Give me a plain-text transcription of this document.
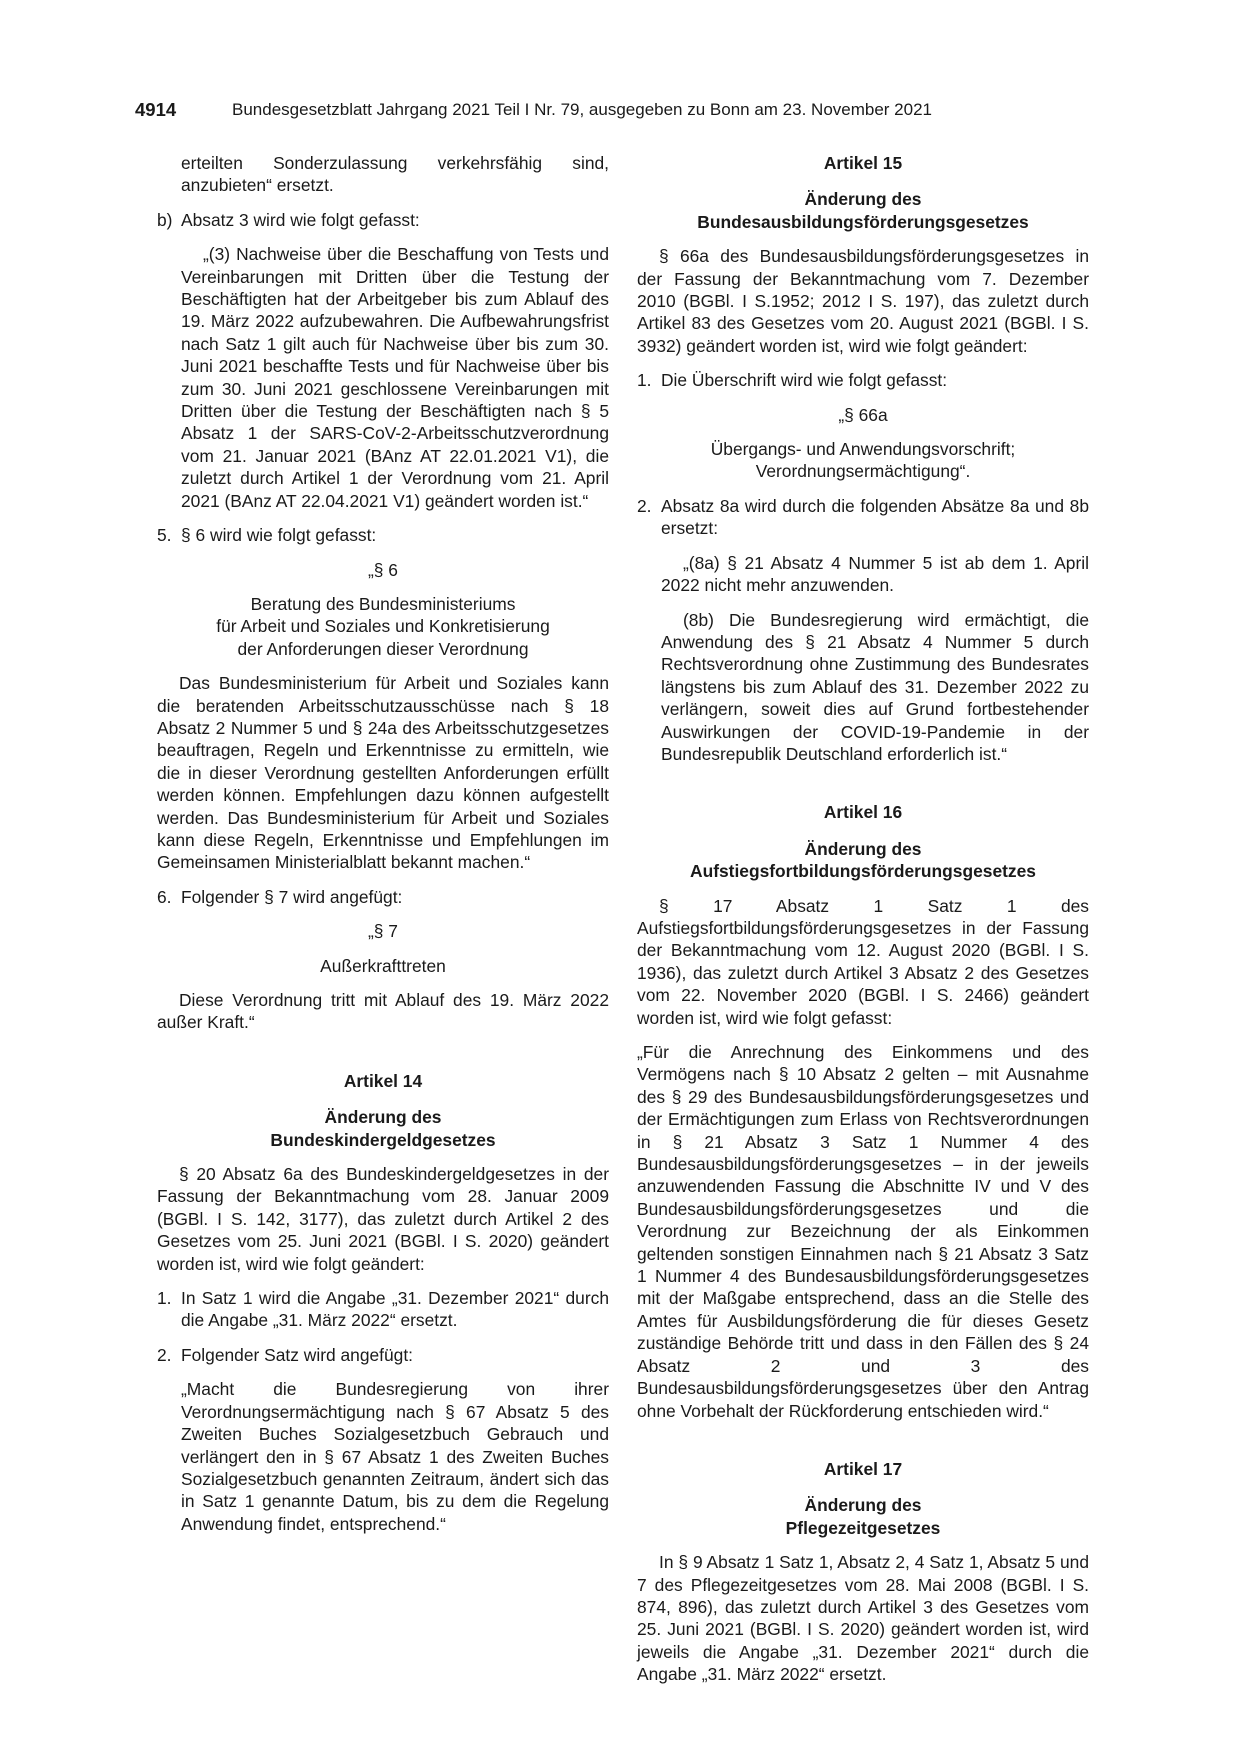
4914	Bundesgesetzblatt Jahrgang 2021 Teil I Nr. 79, ausgegeben zu Bonn am 23. November 2021

erteilten Sonderzulassung verkehrsfähig sind, anzubieten“ ersetzt.

b) Absatz 3 wird wie folgt gefasst:

„(3) Nachweise über die Beschaffung von Tests und Vereinbarungen mit Dritten über die Testung der Beschäftigten hat der Arbeitgeber bis zum Ablauf des 19. März 2022 aufzubewahren. Die Aufbewahrungsfrist nach Satz 1 gilt auch für Nachweise über bis zum 30. Juni 2021 beschaffte Tests und für Nachweise über bis zum 30. Juni 2021 geschlossene Vereinbarungen mit Dritten über die Testung der Beschäftigten nach § 5 Absatz 1 der SARS-CoV-2-Arbeitsschutzverordnung vom 21. Januar 2021 (BAnz AT 22.01.2021 V1), die zuletzt durch Artikel 1 der Verordnung vom 21. April 2021 (BAnz AT 22.04.2021 V1) geändert worden ist.“

5. § 6 wird wie folgt gefasst:

„§ 6

Beratung des Bundesministeriums

für Arbeit und Soziales und Konkretisierung

der Anforderungen dieser Verordnung

Das Bundesministerium für Arbeit und Soziales kann die beratenden Arbeitsschutzausschüsse nach § 18 Absatz 2 Nummer 5 und § 24a des Arbeitsschutzgesetzes beauftragen, Regeln und Erkenntnisse zu ermitteln, wie die in dieser Verordnung gestellten Anforderungen erfüllt werden können. Empfehlungen dazu können aufgestellt werden. Das Bundesministerium für Arbeit und Soziales kann diese Regeln, Erkenntnisse und Empfehlungen im Gemeinsamen Ministerialblatt bekannt machen.“

6. Folgender § 7 wird angefügt:

„§ 7

Außerkrafttreten

Diese Verordnung tritt mit Ablauf des 19. März 2022 außer Kraft.“

Artikel 14

Änderung des

Bundeskindergeldgesetzes

§ 20 Absatz 6a des Bundeskindergeldgesetzes in der Fassung der Bekanntmachung vom 28. Januar 2009 (BGBl. I S. 142, 3177), das zuletzt durch Artikel 2 des Gesetzes vom 25. Juni 2021 (BGBl. I S. 2020) geändert worden ist, wird wie folgt geändert:

1. In Satz 1 wird die Angabe „31. Dezember 2021“ durch die Angabe „31. März 2022“ ersetzt.
2. Folgender Satz wird angefügt:

„Macht die Bundesregierung von ihrer Verordnungsermächtigung nach § 67 Absatz 5 des Zweiten Buches Sozialgesetzbuch Gebrauch und verlängert den in § 67 Absatz 1 des Zweiten Buches Sozialgesetzbuch genannten Zeitraum, ändert sich das in Satz 1 genannte Datum, bis zu dem die Regelung Anwendung findet, entsprechend.“

Artikel 15

Änderung des

Bundesausbildungsförderungsgesetzes

§ 66a des Bundesausbildungsförderungsgesetzes in der Fassung der Bekanntmachung vom 7. Dezember 2010 (BGBl. I S.1952; 2012 I S. 197), das zuletzt durch Artikel 83 des Gesetzes vom 20. August 2021 (BGBl. I S. 3932) geändert worden ist, wird wie folgt geändert:

1. Die Überschrift wird wie folgt gefasst:

„§ 66a

Übergangs- und Anwendungsvorschrift;

Verordnungsermächtigung“.

2. Absatz 8a wird durch die folgenden Absätze 8a und 8b ersetzt:

„(8a) § 21 Absatz 4 Nummer 5 ist ab dem 1. April 2022 nicht mehr anzuwenden.

(8b) Die Bundesregierung wird ermächtigt, die Anwendung des § 21 Absatz 4 Nummer 5 durch Rechtsverordnung ohne Zustimmung des Bundesrates längstens bis zum Ablauf des 31. Dezember 2022 zu verlängern, soweit dies auf Grund fortbestehender Auswirkungen der COVID-19-Pandemie in der Bundesrepublik Deutschland erforderlich ist.“

Artikel 16

Änderung des

Aufstiegsfortbildungsförderungsgesetzes

§ 17 Absatz 1 Satz 1 des Aufstiegsfortbildungsförderungsgesetzes in der Fassung der Bekanntmachung vom 12. August 2020 (BGBl. I S. 1936), das zuletzt durch Artikel 3 Absatz 2 des Gesetzes vom 22. November 2020 (BGBl. I S. 2466) geändert worden ist, wird wie folgt gefasst:

„Für die Anrechnung des Einkommens und des Vermögens nach § 10 Absatz 2 gelten – mit Ausnahme des § 29 des Bundesausbildungsförderungsgesetzes und der Ermächtigungen zum Erlass von Rechtsverordnungen in § 21 Absatz 3 Satz 1 Nummer 4 des Bundesausbildungsförderungsgesetzes – in der jeweils anzuwendenden Fassung die Abschnitte IV und V des Bundesausbildungsförderungsgesetzes und die Verordnung zur Bezeichnung der als Einkommen geltenden sonstigen Einnahmen nach § 21 Absatz 3 Satz 1 Nummer 4 des Bundesausbildungsförderungsgesetzes mit der Maßgabe entsprechend, dass an die Stelle des Amtes für Ausbildungsförderung die für dieses Gesetz zuständige Behörde tritt und dass in den Fällen des § 24 Absatz 2 und 3 des Bundesausbildungsförderungsgesetzes über den Antrag ohne Vorbehalt der Rückforderung entschieden wird.“

Artikel 17

Änderung des

Pflegezeitgesetzes

In § 9 Absatz 1 Satz 1, Absatz 2, 4 Satz 1, Absatz 5 und 7 des Pflegezeitgesetzes vom 28. Mai 2008 (BGBl. I S. 874, 896), das zuletzt durch Artikel 3 des Gesetzes vom 25. Juni 2021 (BGBl. I S. 2020) geändert worden ist, wird jeweils die Angabe „31. Dezember 2021“ durch die Angabe „31. März 2022“ ersetzt.
